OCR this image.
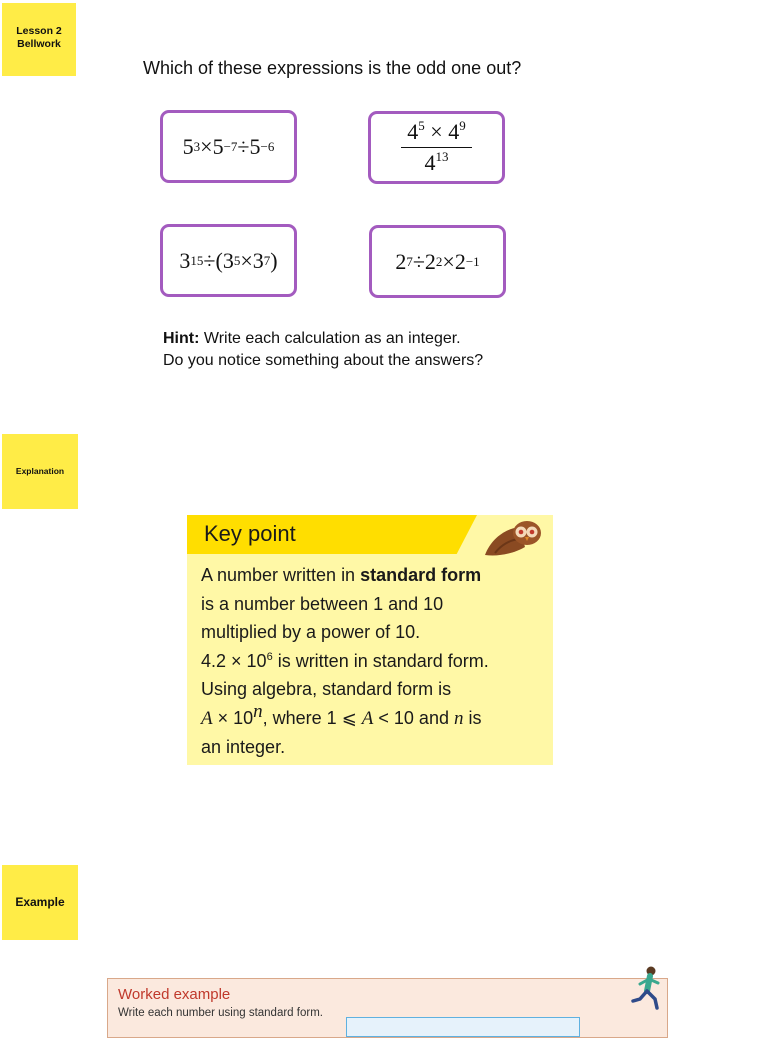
Lesson 2 Bellwork
Explanation
Example
Which of these expressions is the odd one out?
5 3 × 5 −7 ÷ 5 −6	$\frac{4^5 \times 4^9}{4^{13}}$
3 15 ÷( 3 5 × 3 7 )	2 7 ÷ 2 2 × 2 −1
Hint: Write each calculation as an integer.
Do you notice something about the answers?
Key point
A number written in standard form
is a number between 1 and 10
multiplied by a power of 10.
$4.2 \times 10^6$ is written in standard form.
Using algebra, standard form is
$A \times 10^n$, where 1 ⩽ A < 10 and n is
an integer.
Worked example
Write each number using standard form.
